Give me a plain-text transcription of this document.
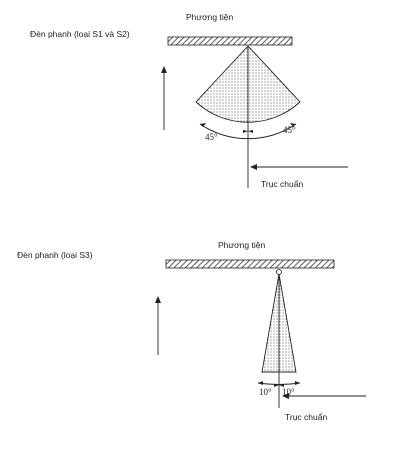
45°
45°
10° 10°
Phương tiện
Đèn phanh (loại S1 và S2)
Trục chuẩn
Phương tiện
Đèn phanh (loại S3)
Trục chuẩn
